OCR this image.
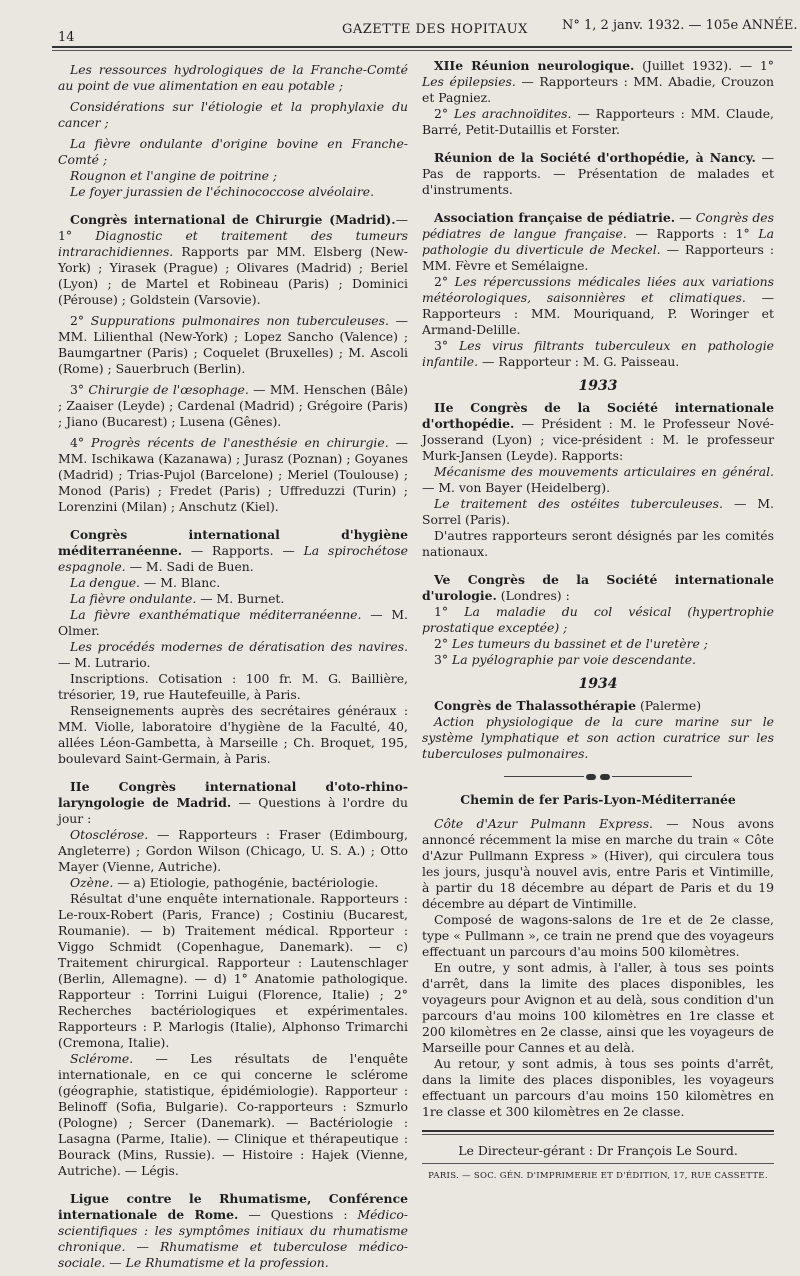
14
GAZETTE DES HOPITAUX	N° 1, 2 janv. 1932. — 105e ANNÉE.

Les ressources hydrologiques de la Franche-Comté au point de vue alimentation en eau potable ;

Considérations sur l'étiologie et la prophylaxie du cancer ;

La fièvre ondulante d'origine bovine en Franche-Comté ;

Rougnon et l'angine de poitrine ;

Le foyer jurassien de l'échinococcose alvéolaire.

Congrès international de Chirurgie (Madrid).— 1° Diagnostic et traitement des tumeurs intrarachidiennes. Rapports par MM. Elsberg (New-York) ; Yirasek (Prague) ; Olivares (Madrid) ; Beriel (Lyon) ; de Martel et Robineau (Paris) ; Dominici (Pérouse) ; Goldstein (Varsovie).

2° Suppurations pulmonaires non tuberculeuses. — MM. Lilienthal (New-York) ; Lopez Sancho (Valence) ; Baumgartner (Paris) ; Coquelet (Bruxelles) ; M. Ascoli (Rome) ; Sauerbruch (Berlin).

3° Chirurgie de l'œsophage. — MM. Henschen (Bâle) ; Zaaiser (Leyde) ; Cardenal (Madrid) ; Grégoire (Paris) ; Jiano (Bucarest) ; Lusena (Gênes).

4° Progrès récents de l'anesthésie en chirurgie. — MM. Ischikawa (Kazanawa) ; Jurasz (Poznan) ; Goyanes (Madrid) ; Trias-Pujol (Barcelone) ; Meriel (Toulouse) ; Monod (Paris) ; Fredet (Paris) ; Uffreduzzi (Turin) ; Lorenzini (Milan) ; Anschutz (Kiel).

Congrès international d'hygiène méditerranéenne. — Rapports. — La spirochétose espagnole. — M. Sadi de Buen.

La dengue. — M. Blanc.

La fièvre ondulante. — M. Burnet.

La fièvre exanthématique méditerranéenne. — M. Olmer.

Les procédés modernes de dératisation des navires. — M. Lutrario.

Inscriptions. Cotisation : 100 fr. M. G. Baillière, trésorier, 19, rue Hautefeuille, à Paris.

Renseignements auprès des secrétaires généraux : MM. Violle, laboratoire d'hygiène de la Faculté, 40, allées Léon-Gambetta, à Marseille ; Ch. Broquet, 195, boulevard Saint-Germain, à Paris.

IIe Congrès international d'oto-rhino-laryngologie de Madrid. — Questions à l'ordre du jour :

Otosclérose. — Rapporteurs : Fraser (Edimbourg, Angleterre) ; Gordon Wilson (Chicago, U. S. A.) ; Otto Mayer (Vienne, Autriche).

Ozène. — a) Etiologie, pathogénie, bactériologie.

Résultat d'une enquête internationale. Rapporteurs : Le-roux-Robert (Paris, France) ; Costiniu (Bucarest, Roumanie). — b) Traitement médical. Rpporteur : Viggo Schmidt (Copenhague, Danemark). — c) Traitement chirurgical. Rapporteur : Lautenschlager (Berlin, Allemagne). — d) 1° Anatomie pathologique. Rapporteur : Torrini Luigui (Florence, Italie) ; 2° Recherches bactériologiques et expérimentales. Rapporteurs : P. Marlogis (Italie), Alphonso Trimarchi (Cremona, Italie).

Sclérome. — Les résultats de l'enquête internationale, en ce qui concerne le sclérome (géographie, statistique, épidémiologie). Rapporteur : Belinoff (Sofia, Bulgarie). Co-rapporteurs : Szmurlo (Pologne) ; Sercer (Danemark). — Bactériologie : Lasagna (Parme, Italie). — Clinique et thérapeutique : Bourack (Mins, Russie). — Histoire : Hajek (Vienne, Autriche). — Légis.

Ligue contre le Rhumatisme, Conférence internationale de Rome. — Questions : Médico-scientifiques : les symptômes initiaux du rhumatisme chronique. — Rhumatisme et tuberculose médico-sociale. — Le Rhumatisme et la profession.

XIIe Réunion neurologique. (Juillet 1932). — 1° Les épilepsies. — Rapporteurs : MM. Abadie, Crouzon et Pagniez.

2° Les arachnoïdites. — Rapporteurs : MM. Claude, Barré, Petit-Dutaillis et Forster.

Réunion de la Société d'orthopédie, à Nancy. — Pas de rapports. — Présentation de malades et d'instruments.

Association française de pédiatrie. — Congrès des pédiatres de langue française. — Rapports : 1° La pathologie du diverticule de Meckel. — Rapporteurs : MM. Fèvre et Semélaigne.

2° Les répercussions médicales liées aux variations météorologiques, saisonnières et climatiques. — Rapporteurs : MM. Mouriquand, P. Woringer et Armand-Delille.

3° Les virus filtrants tuberculeux en pathologie infantile. — Rapporteur : M. G. Paisseau.

1933

IIe Congrès de la Société internationale d'orthopédie. — Président : M. le Professeur Nové-Josserand (Lyon) ; vice-président : M. le professeur Murk-Jansen (Leyde). Rapports:

Mécanisme des mouvements articulaires en général. — M. von Bayer (Heidelberg).

Le traitement des ostéites tuberculeuses. — M. Sorrel (Paris).

D'autres rapporteurs seront désignés par les comités nationaux.

Ve Congrès de la Société internationale d'urologie. (Londres) :

1° La maladie du col vésical (hypertrophie prostatique exceptée) ;

2° Les tumeurs du bassinet et de l'uretère ;

3° La pyélographie par voie descendante.

1934

Congrès de Thalassothérapie (Palerme)

Action physiologique de la cure marine sur le système lymphatique et son action curatrice sur les tuberculoses pulmonaires.

Chemin de fer Paris-Lyon-Méditerranée

Côte d'Azur Pulmann Express. — Nous avons annoncé récemment la mise en marche du train « Côte d'Azur Pullmann Express » (Hiver), qui circulera tous les jours, jusqu'à nouvel avis, entre Paris et Vintimille, à partir du 18 décembre au départ de Paris et du 19 décembre au départ de Vintimille.

Composé de wagons-salons de 1re et de 2e classe, type « Pullmann », ce train ne prend que des voyageurs effectuant un parcours d'au moins 500 kilomètres.

En outre, y sont admis, à l'aller, à tous ses points d'arrêt, dans la limite des places disponibles, les voyageurs pour Avignon et au delà, sous condition d'un parcours d'au moins 100 kilomètres en 1re classe et 200 kilomètres en 2e classe, ainsi que les voyageurs de Marseille pour Cannes et au delà.

Au retour, y sont admis, à tous ses points d'arrêt, dans la limite des places disponibles, les voyageurs effectuant un parcours d'au moins 150 kilomètres en 1re classe et 300 kilomètres en 2e classe.

Le Directeur-gérant : Dr François Le Sourd.
PARIS. — SOC. GÉN. D'IMPRIMERIE ET D'ÉDITION, 17, RUE CASSETTE.
